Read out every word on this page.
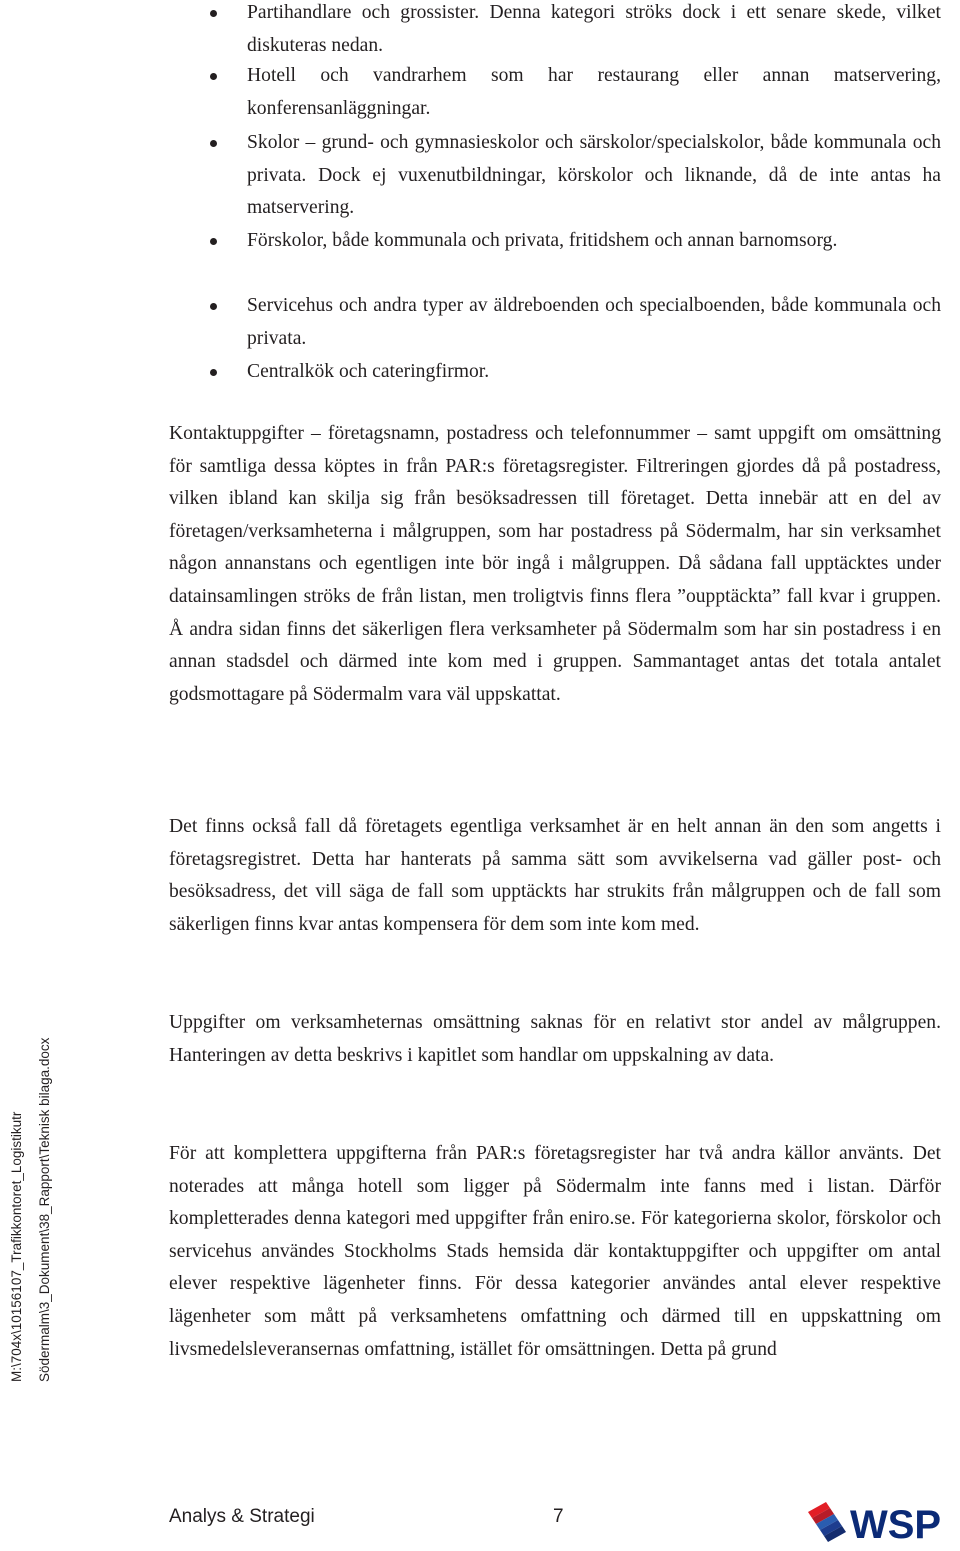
Partihandlare och grossister. Denna kategori ströks dock i ett senare skede, vilket diskuteras nedan.
Hotell och vandrarhem som har restaurang eller annan matservering, konferensanläggningar.
Skolor – grund- och gymnasieskolor och särskolor/specialskolor, både kommunala och privata. Dock ej vuxenutbildningar, körskolor och liknande, då de inte antas ha matservering.
Förskolor, både kommunala och privata, fritidshem och annan barnomsorg.
Servicehus och andra typer av äldreboenden och specialboenden, både kommunala och privata.
Centralkök och cateringfirmor.

Kontaktuppgifter – företagsnamn, postadress och telefonnummer – samt uppgift om omsättning för samtliga dessa köptes in från PAR:s företagsregister. Filtreringen gjordes då på postadress, vilken ibland kan skilja sig från besöksadressen till företaget. Detta innebär att en del av företagen/verksamheterna i målgruppen, som har postadress på Södermalm, har sin verksamhet någon annanstans och egentligen inte bör ingå i målgruppen. Då sådana fall upptäcktes under datainsamlingen ströks de från listan, men troligtvis finns flera ”oupptäckta” fall kvar i gruppen. Å andra sidan finns det säkerligen flera verksamheter på Södermalm som har sin postadress i en annan stadsdel och därmed inte kom med i gruppen. Sammantaget antas det totala antalet godsmottagare på Södermalm vara väl uppskattat.

Det finns också fall då företagets egentliga verksamhet är en helt annan än den som angetts i företagsregistret. Detta har hanterats på samma sätt som avvikelserna vad gäller post- och besöksadress, det vill säga de fall som upptäckts har strukits från målgruppen och de fall som säkerligen finns kvar antas kompensera för dem som inte kom med.

Uppgifter om verksamheternas omsättning saknas för en relativt stor andel av målgruppen. Hanteringen av detta beskrivs i kapitlet som handlar om uppskalning av data.

För att komplettera uppgifterna från PAR:s företagsregister har två andra källor använts. Det noterades att många hotell som ligger på Södermalm inte fanns med i listan. Därför kompletterades denna kategori med uppgifter från eniro.se. För kategorierna skolor, förskolor och servicehus användes Stockholms Stads hemsida där kontaktuppgifter och uppgifter om antal elever respektive lägenheter finns. För dessa kategorier användes antal elever respektive lägenheter som mått på verksamhetens omfattning och därmed till en uppskattning om livsmedelsleveransernas omfattning, istället för omsättningen. Detta på grund

M:\704x\10156107_Trafikkontoret_Logistikutr Södermalm\3_Dokument\38_Rapport\Teknisk bilaga.docx
Analys & Strategi	7	WSP
